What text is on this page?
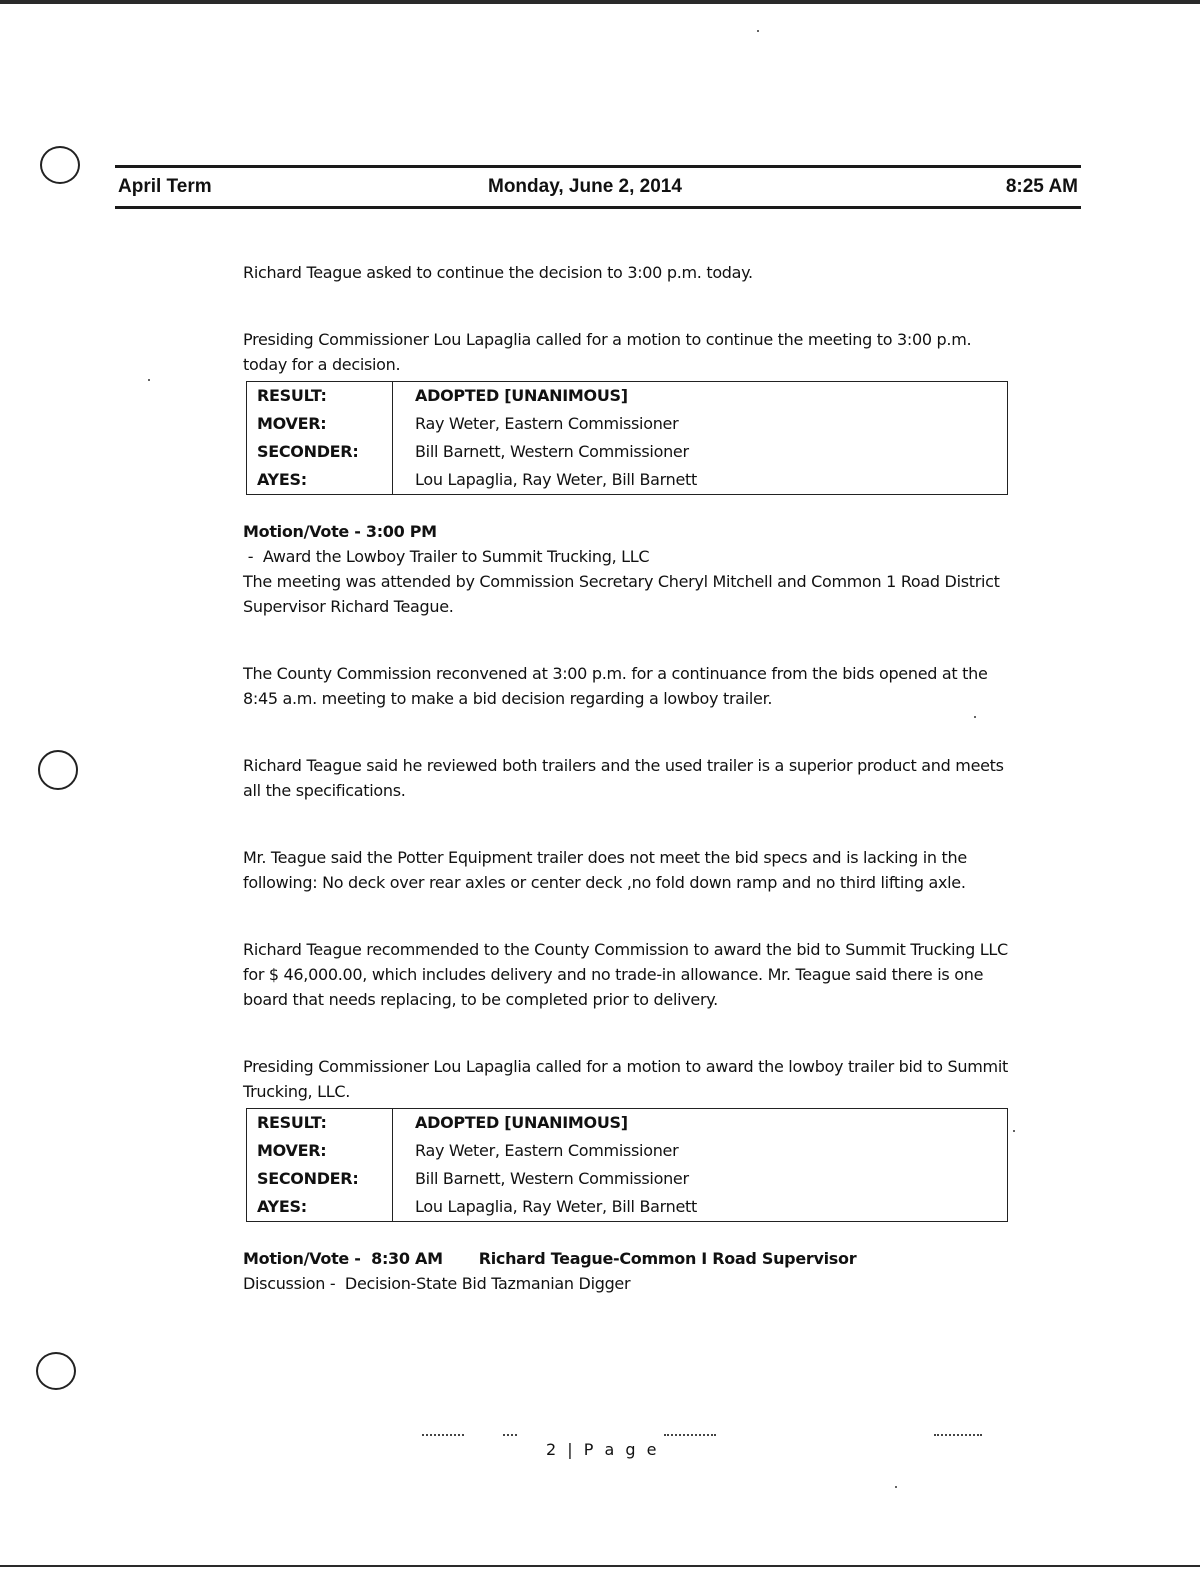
April Term	Monday, June 2, 2014	8:25 AM

Richard Teague asked to continue the decision to 3:00 p.m. today.

Presiding Commissioner Lou Lapaglia called for a motion to continue the meeting to 3:00 p.m. today for a decision.

RESULT:	ADOPTED [UNANIMOUS]
MOVER:	Ray Weter, Eastern Commissioner
SECONDER:	Bill Barnett, Western Commissioner
AYES:	Lou Lapaglia, Ray Weter, Bill Barnett

Motion/Vote - 3:00 PM

-  Award the Lowboy Trailer to Summit Trucking, LLC

The meeting was attended by Commission Secretary Cheryl Mitchell and Common 1 Road District Supervisor Richard Teague.

The County Commission reconvened at 3:00 p.m. for a continuance from the bids opened at the 8:45 a.m. meeting to make a bid decision regarding a lowboy trailer.

Richard Teague said he reviewed both trailers and the used trailer is a superior product and meets all the specifications.

Mr. Teague said the Potter Equipment trailer does not meet the bid specs and is lacking in the following: No deck over rear axles or center deck ,no fold down ramp and no third lifting axle.

Richard Teague recommended to the County Commission to award the bid to Summit Trucking LLC for $ 46,000.00, which includes delivery and no trade-in allowance. Mr. Teague said there is one board that needs replacing, to be completed prior to delivery.

Presiding Commissioner Lou Lapaglia called for a motion to award the lowboy trailer bid to Summit Trucking, LLC.

RESULT:	ADOPTED [UNANIMOUS]
MOVER:	Ray Weter, Eastern Commissioner
SECONDER:	Bill Barnett, Western Commissioner
AYES:	Lou Lapaglia, Ray Weter, Bill Barnett

Motion/Vote -  8:30 AM Richard Teague-Common I Road Supervisor

Discussion -  Decision-State Bid Tazmanian Digger

2 | P a g e
